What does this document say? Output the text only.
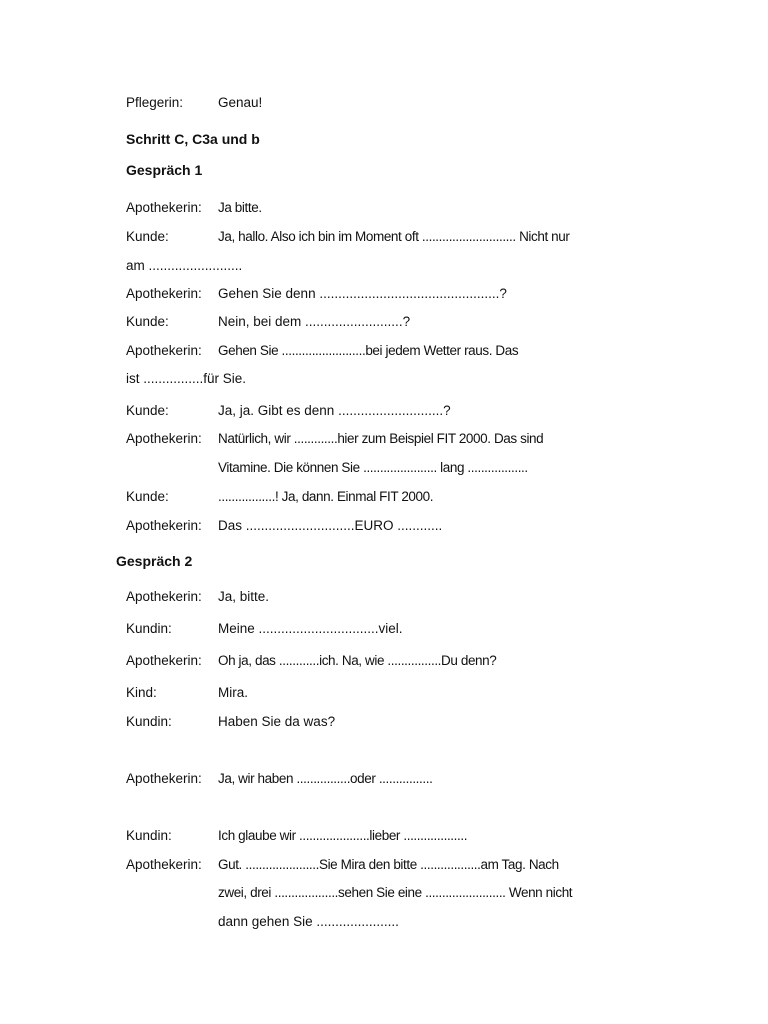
Pflegerin:	Genau!
Schritt C, C3a und b
Gespräch 1
Apothekerin: Ja bitte.
Kunde:	Ja, hallo. Also ich bin im Moment oft ............................ Nicht nur
am .........................
Apothekerin: Gehen Sie denn ................................................?
Kunde:	Nein, bei dem ..........................?
Apothekerin: Gehen Sie .........................bei jedem Wetter raus. Das
ist ................für Sie.
Kunde:	Ja, ja. Gibt es denn ............................?
Apothekerin: Natürlich, wir .............hier zum Beispiel FIT 2000. Das sind
Vitamine. Die können Sie ...................... lang ..................
Kunde:	.................! Ja, dann. Einmal FIT 2000.
Apothekerin: Das .............................EURO ............
Gespräch 2
Apothekerin: Ja, bitte.
Kundin:	Meine ................................viel.
Apothekerin: Oh ja, das ............ich. Na, wie ................Du denn?
Kind:	Mira.
Kundin:	Haben Sie da was?
Apothekerin: Ja, wir haben ................oder ................
Kundin:	Ich glaube wir .....................lieber ...................
Apothekerin: Gut. ......................Sie Mira den bitte ..................am Tag. Nach
zwei, drei ...................sehen Sie eine ........................ Wenn nicht
dann gehen Sie ......................
